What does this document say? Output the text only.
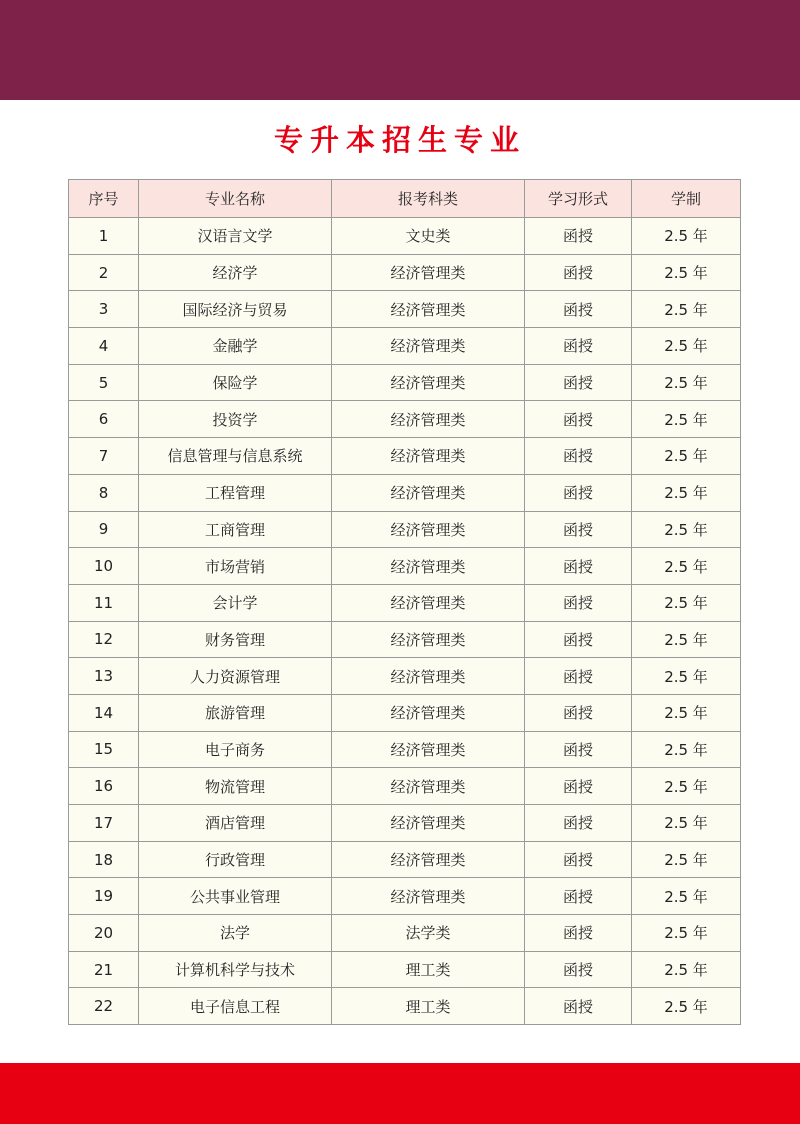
专升本招生专业
序号	专业名称	报考科类	学习形式	学制
1	汉语言文学	文史类	函授	2.5 年
2	经济学	经济管理类	函授	2.5 年
3	国际经济与贸易	经济管理类	函授	2.5 年
4	金融学	经济管理类	函授	2.5 年
5	保险学	经济管理类	函授	2.5 年
6	投资学	经济管理类	函授	2.5 年
7	信息管理与信息系统	经济管理类	函授	2.5 年
8	工程管理	经济管理类	函授	2.5 年
9	工商管理	经济管理类	函授	2.5 年
10	市场营销	经济管理类	函授	2.5 年
11	会计学	经济管理类	函授	2.5 年
12	财务管理	经济管理类	函授	2.5 年
13	人力资源管理	经济管理类	函授	2.5 年
14	旅游管理	经济管理类	函授	2.5 年
15	电子商务	经济管理类	函授	2.5 年
16	物流管理	经济管理类	函授	2.5 年
17	酒店管理	经济管理类	函授	2.5 年
18	行政管理	经济管理类	函授	2.5 年
19	公共事业管理	经济管理类	函授	2.5 年
20	法学	法学类	函授	2.5 年
21	计算机科学与技术	理工类	函授	2.5 年
22	电子信息工程	理工类	函授	2.5 年
